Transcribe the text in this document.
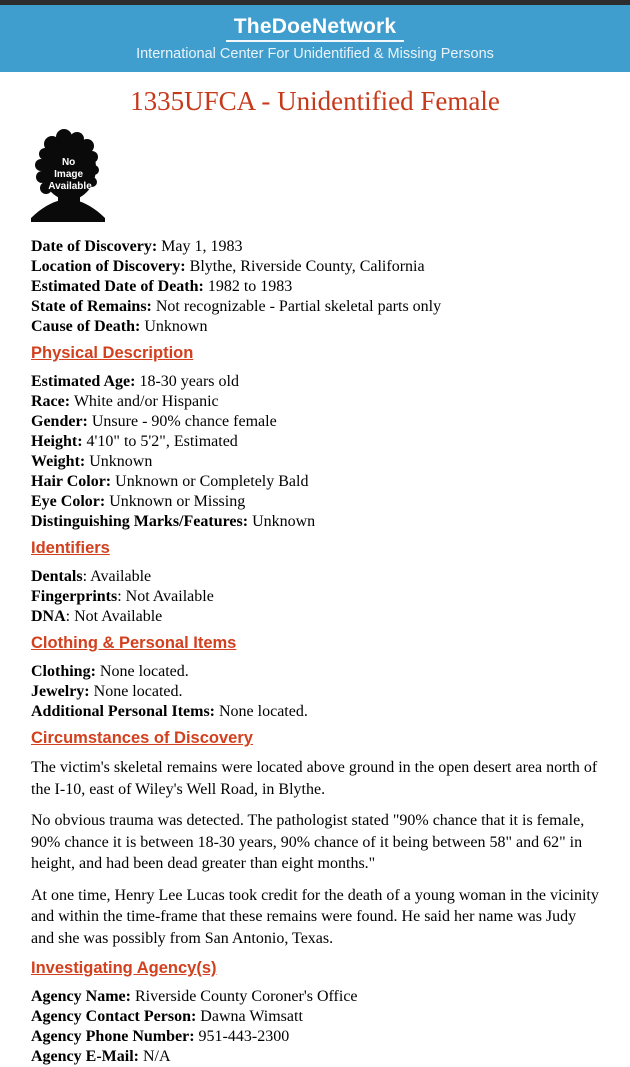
TheDoeNetwork
International Center For Unidentified & Missing Persons
1335UFCA - Unidentified Female
No Image Available
Date of Discovery: May 1, 1983
Location of Discovery: Blythe, Riverside County, California
Estimated Date of Death: 1982 to 1983
State of Remains: Not recognizable - Partial skeletal parts only
Cause of Death: Unknown
Physical Description
Estimated Age: 18-30 years old
Race: White and/or Hispanic
Gender: Unsure - 90% chance female
Height: 4'10" to 5'2", Estimated
Weight: Unknown
Hair Color: Unknown or Completely Bald
Eye Color: Unknown or Missing
Distinguishing Marks/Features: Unknown
Identifiers
Dentals: Available
Fingerprints: Not Available
DNA: Not Available
Clothing & Personal Items
Clothing: None located.
Jewelry: None located.
Additional Personal Items: None located.
Circumstances of Discovery

The victim's skeletal remains were located above ground in the open desert area north of the I-10, east of Wiley's Well Road, in Blythe.

No obvious trauma was detected. The pathologist stated "90% chance that it is female, 90% chance it is between 18-30 years, 90% chance of it being between 58" and 62" in height, and had been dead greater than eight months."

At one time, Henry Lee Lucas took credit for the death of a young woman in the vicinity and within the time-frame that these remains were found. He said her name was Judy and she was possibly from San Antonio, Texas.

Investigating Agency(s)
Agency Name: Riverside County Coroner's Office
Agency Contact Person: Dawna Wimsatt
Agency Phone Number: 951-443-2300
Agency E-Mail: N/A
